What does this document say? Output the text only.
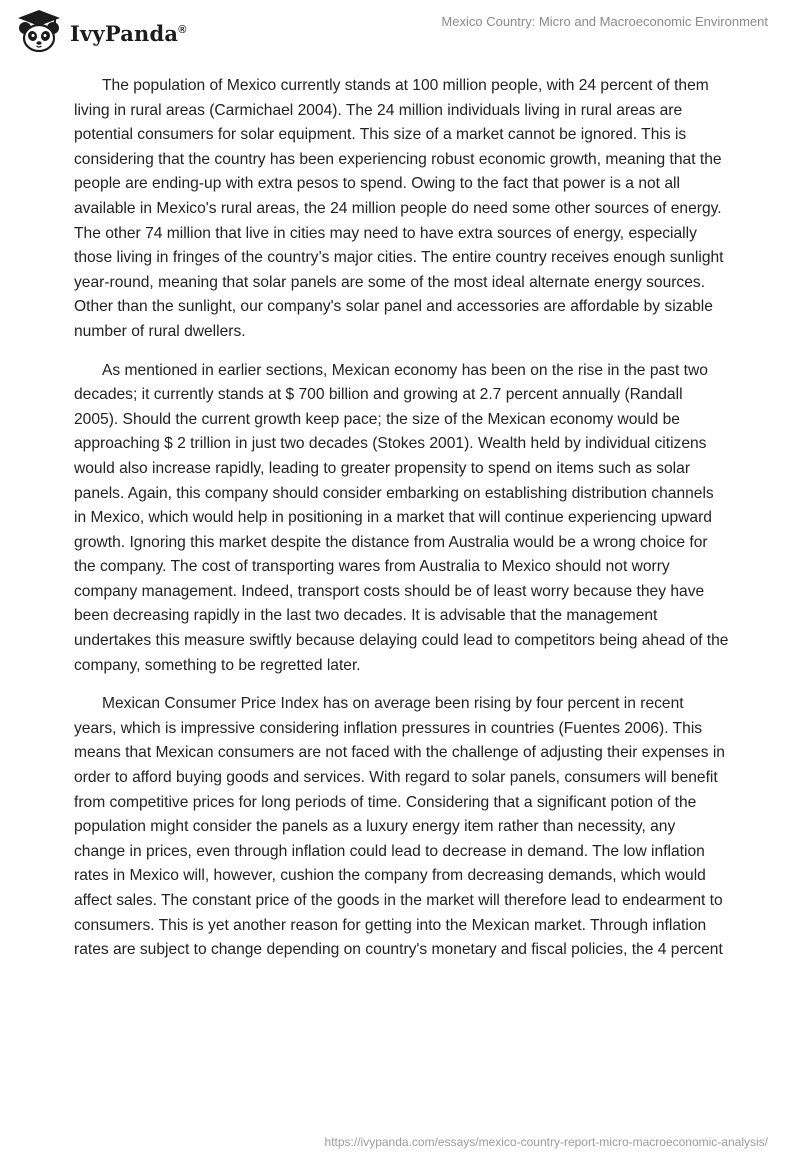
IvyPanda®
Mexico Country: Micro and Macroeconomic Environment

The population of Mexico currently stands at 100 million people, with 24 percent of them living in rural areas (Carmichael 2004). The 24 million individuals living in rural areas are potential consumers for solar equipment. This size of a market cannot be ignored. This is considering that the country has been experiencing robust economic growth, meaning that the people are ending-up with extra pesos to spend. Owing to the fact that power is a not all available in Mexico's rural areas, the 24 million people do need some other sources of energy. The other 74 million that live in cities may need to have extra sources of energy, especially those living in fringes of the country’s major cities. The entire country receives enough sunlight year-round, meaning that solar panels are some of the most ideal alternate energy sources. Other than the sunlight, our company's solar panel and accessories are affordable by sizable number of rural dwellers.

As mentioned in earlier sections, Mexican economy has been on the rise in the past two decades; it currently stands at $ 700 billion and growing at 2.7 percent annually (Randall 2005). Should the current growth keep pace; the size of the Mexican economy would be approaching $ 2 trillion in just two decades (Stokes 2001). Wealth held by individual citizens would also increase rapidly, leading to greater propensity to spend on items such as solar panels. Again, this company should consider embarking on establishing distribution channels in Mexico, which would help in positioning in a market that will continue experiencing upward growth. Ignoring this market despite the distance from Australia would be a wrong choice for the company. The cost of transporting wares from Australia to Mexico should not worry company management. Indeed, transport costs should be of least worry because they have been decreasing rapidly in the last two decades. It is advisable that the management undertakes this measure swiftly because delaying could lead to competitors being ahead of the company, something to be regretted later.

Mexican Consumer Price Index has on average been rising by four percent in recent years, which is impressive considering inflation pressures in countries (Fuentes 2006). This means that Mexican consumers are not faced with the challenge of adjusting their expenses in order to afford buying goods and services. With regard to solar panels, consumers will benefit from competitive prices for long periods of time. Considering that a significant potion of the population might consider the panels as a luxury energy item rather than necessity, any change in prices, even through inflation could lead to decrease in demand. The low inflation rates in Mexico will, however, cushion the company from decreasing demands, which would affect sales. The constant price of the goods in the market will therefore lead to endearment to consumers. This is yet another reason for getting into the Mexican market. Through inflation rates are subject to change depending on country's monetary and fiscal policies, the 4 percent

https://ivypanda.com/essays/mexico-country-report-micro-macroeconomic-analysis/
